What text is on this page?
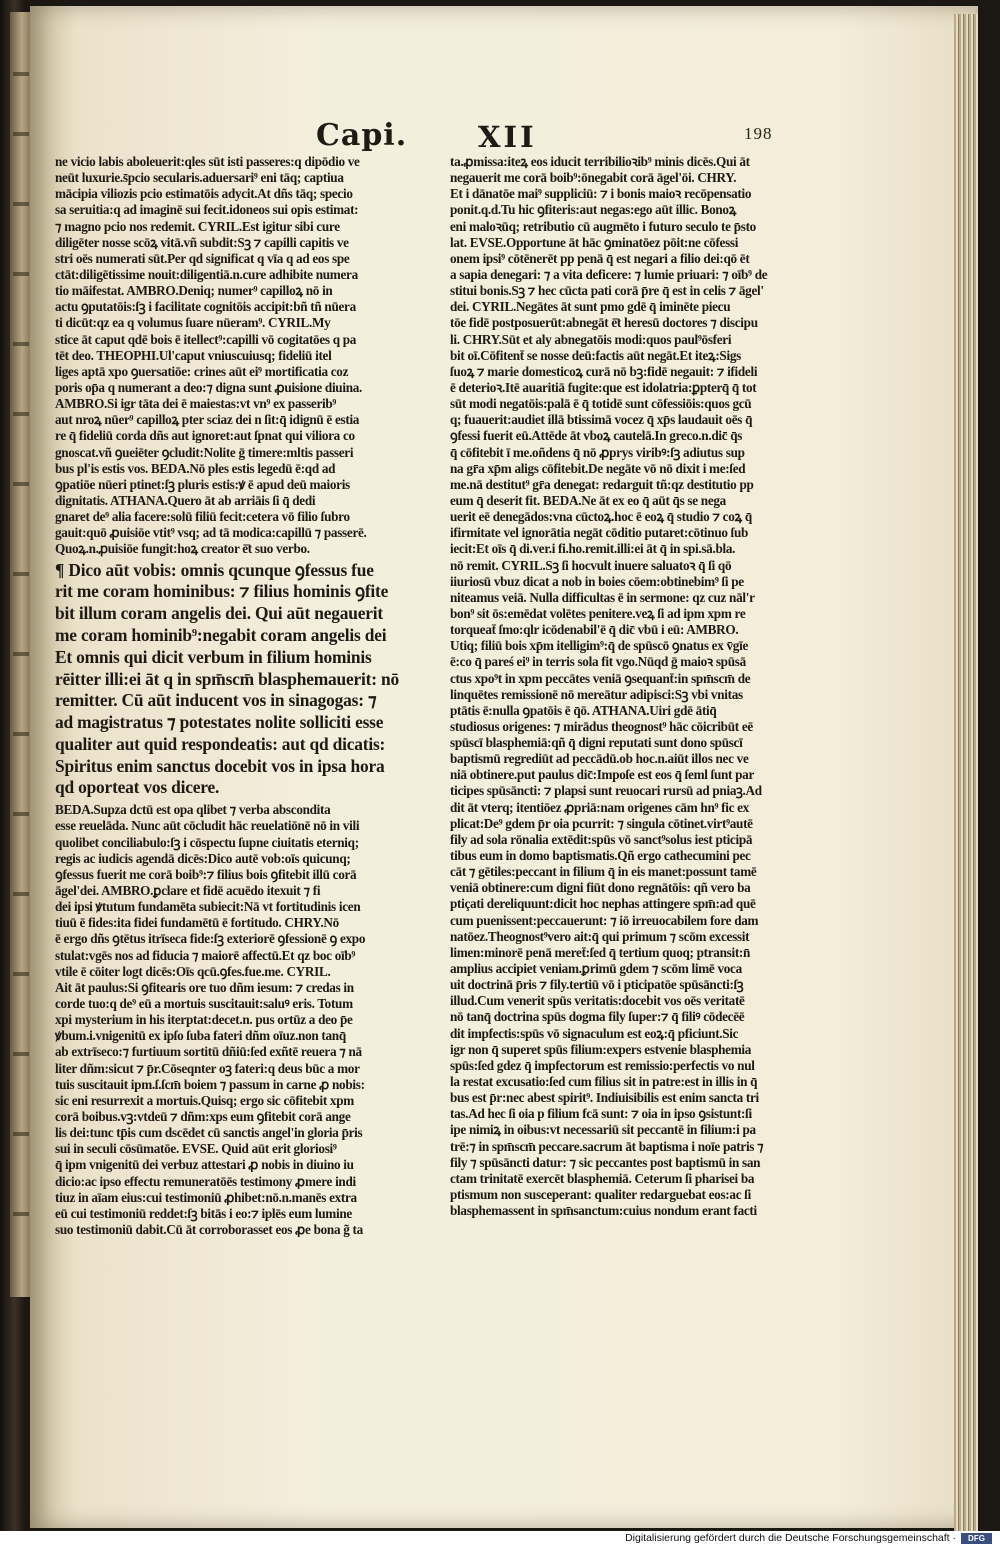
Capi. XII	198
ne vicio labis aboleuerit:qles sūt isti passeres:q dipōdio ve
neūt luxurie.s̄pcio secularis.aduersari⁹ eni tāq; captiua
mācipia viliozis pcio estimatōis adycit.At dñs tāq; specio
sa seruitia:q ad imaginē sui fecit.idoneos sui opis estimat:
⁊ magno pcio nos redemit. CYRIL.Est igitur sibi cure
diligēter nosse scōꝝ vitā.vñ subdit:Sꝫ ⁊ capilli capitis ve
stri oēs numerati sūt.Per qd significat q vīa q ad eos spe
ctāt:diligētissime nouit:diligentiā.n.cure adhibite numera
tio māifestat. AMBRO.Deniq; numer⁹ capilloꝝ nō in
actu ꝯputatōis:ſꝫ i facilitate cognitōis accipit:bñ tñ nūera
ti dicūt:qz ea q volumus ſuare nūeram⁹. CYRIL.My
stice āt caput qdē bois ē itellect⁹:capilli vō cogitatōes q pa
tēt deo. THEOPHI.Ul'caput vniuscuiusq; fideliū itel
liges aptā xpo ꝯuersatiōe: crines aūt ei⁹ mortificatia coz
poris op̄a q numerant a deo:⁊ digna sunt ꝓuisione diuina.
AMBRO.Si igr tāta dei ē maiestas:vt vn⁹ ex passerib⁹
aut nroꝝ nūer⁹ capilloꝝ pter sciaz dei n ſit:q̄ idignū ē estia
re q̄ fideliū corda dñs aut ignoret:aut ſpnat qui viliora co
gnoscat.vñ ꝯueiēter ꝯcludit:Nolite ḡ timere:mltis passeri
bus pl'is estis vos. BEDA.Nō ples estis legedū ē:qd ad
ꝯpatiōe nūeri ptinet:ſꝫ pluris estis:ꝟ ē apud deū maioris
dignitatis. ATHANA.Quero āt ab arriāis ſi q̄ dedi
gnaret de⁹ alia facere:solū filiū fecit:cetera vō filio ſubro
gauit:quō ꝓuisiōe vtit⁹ vsq; ad tā modica:capillū ⁊ passerē.
Quoꝝ.n.ꝓuisiōe fungit:hoꝝ creator ē̄t suo verbo.
¶ Dico aūt vobis: omnis qcunque ꝯfessus fue
rit me coram hominibus: ⁊ filius hominis ꝯfite
bit illum coram angelis dei. Qui aūt negauerit
me coram hominib⁹:negabit coram angelis dei
Et omnis qui dicit verbum in filium hominis
rēitter illi:ei āt q in spm̄scm̄ blasphemauerit: nō
remitter. Cū aūt inducent vos in sinagogas: ⁊
ad magistratus ⁊ potestates nolite solliciti esse
qualiter aut quid respondeatis: aut qd dicatis:
Spiritus enim sanctus docebit vos in ipsa hora
qd oporteat vos dicere.
BEDA.Supza dctū est opa qlibet ⁊ verba abscondita
esse reuelāda. Nunc aūt cōcludit hāc reuelatiōnē nō in vili
quolibet conciliabulo:ſꝫ i cōspectu ſupne ciuitatis eterniq;
regis ac iudicis agendā dicēs:Dico autē vob:oīs quicunq;
ꝯfessus fuerit me corā boib⁹:⁊ filius bois ꝯfitebit illū corā
āgel'dei. AMBRO.ꝑclare et fidē acuēdo itexuit ⁊ fi
dei ipsi ꝟtutum fundamēta subiecit:Nā vt fortitudinis icen
tiuū ē fides:ita fidei fundamētū ē fortitudo. CHRY.Nō
ē ergo dñs ꝯtētus itrīseca fide:ſꝫ exteriorē ꝯfessionē ꝯ expo
stulat:vgēs nos ad fiducia ⁊ maiorē affectū.Et qz boc oīb⁹
vtile ē cōiter logt dicēs:Oīs qcū.ꝯfes.fue.me. CYRIL.
Ait āt paulus:Si ꝯfitearis ore tuo dñm iesum: ⁊ credas in
corde tuo:q de⁹ eū a mortuis suscitauit:saluꝰ eris. Totum
xpi mysterium in his iterptat:decet.n. pus ortūz a deo p̄e
ꝟbum.i.vnigenitū ex ipſo ſuba fateri dñm oīuz.non tanq̄
ab extrīseco:⁊ furtiuum sortitū dñiū:ſed exñtē reuera ⁊ nā
liter dñm:sicut ⁊ p̄r.Cōseqnter oꝫ fateri:q deus būc a mor
tuis suscitauit ipm.ſ.ſcm̄ boiem ⁊ passum in carne ꝓ nobis:
sic eni resurrexit a mortuis.Quisq; ergo sic cōfitebit xpm
corā boibus.vꝫ:vtdeū ⁊ dñm:xps eum ꝯfitebit corā ange
lis dei:tunc tp̄is cum dscēdet cū sanctis angel'in gloria p̄ris
sui in seculi cōsūmatōe. EVSE. Quid aūt erit gloriosi⁹
q̄ ipm vnigenitū dei verbuz attestari ꝓ nobis in diuino iu
dicio:ac ipso effectu remuneratōēs testimony ꝓmere indi
tiuz in aīam eius:cui testimoniū ꝓhibet:nō.n.manēs extra
eū cui testimoniū reddet:ſꝫ bitās i eo:⁊ iplēs eum lumine
suo testimoniū dabit.Cū āt corroborasset eos ꝓe bona g̃ ta
ta.ꝓmissa:iteꝝ eos iducit terribilioꝛib⁹ minis dicēs.Qui āt
negauerit me corā boib⁹:ōnegabit corā āgel'ōi. CHRY.
Et i dānatōe mai⁹ suppliciū: ⁊ i bonis maioꝛ recōpensatio
ponit.q.d.Tu hic ꝯfiteris:aut negas:ego aūt illic. Bonoꝝ
eni maloꝛūq; retributio cū augmēto i futuro seculo te p̄sto
lat. EVSE.Opportune āt hāc ꝯminatōez pōit:ne cōfessi
onem ipsi⁹ cōtēnerēt pp penā q̄ est negari a filio dei:qō ēt
a sapia denegari: ⁊ a vita deficere: ⁊ lumie priuari: ⁊ oīb⁹ de
stitui bonis.Sꝫ ⁊ hec cūcta pati corā p̄re q̄ est in celis ⁊ āgel'
dei. CYRIL.Negātes āt sunt pmo gdē q̄ iminēte piecu
tōe fidē postposuerūt:abnegāt ē̄t heresū doctores ⁊ discipu
li. CHRY.Sūt et aly abnegatōis modi:quos paul⁹ōsferi
bit oī.Cōfitent̄ se nosse deū:factis aūt negāt.Et iteꝝ:Sigs
ſuoꝝ ⁊ marie domesticoꝝ curā nō bꝫ:fidē negauit: ⁊ ifideli
ē deterioꝛ.Itē auaritiā fugite:que est idolatria:ꝑpterq̄ q̄ tot
sūt modi negatōis:palā ē q̄ totidē sunt cōfessiōis:quos gcū
q; fuauerit:audiet illā btissimā vocez q̄ xp̄s laudauit oēs q̄
ꝯfessi fuerit eū.Attēde āt vboꝝ cautelā.In greco.n.dic̄ q̄s
q̄ cōfitebit ī me.oñdens q̄ nō ꝓprys viribꝰ:ſꝫ adiutus sup
na gr̄a xp̄m aligs cōfitebit.De negāte vō nō dixit i me:ſed
me.nā destitut⁹ gr̄a denegat: redarguit tñ:qz destitutio pp
eum q̄ deserit fit. BEDA.Ne āt ex eo q̄ aūt q̄s se nega
uerit eē denegādos:vna cūctoꝝ.hoc ē eoꝝ q̄ studio ⁊ coꝝ q̄
ifirmitate vel ignorātia negāt cōditio putaret:cōtinuo ſub
iecit:Et oīs q̄ di.ver.i fi.ho.remit.illi:ei āt q̄ in spi.sā.bla.
nō remit. CYRIL.Sꝫ ſi hocvult inuere saluatoꝛ q̄ ſi qō
iiuriosū vbuz dicat a nob in boies cōem:obtinebim⁹ ſi pe
niteamus veiā. Nulla difficultas ē in sermone: qz cuz nāl'r
bon⁹ sit ōs:emēdat volētes penitere.veꝝ ſi ad ipm xpm re
torqueat̄ ſmo:qlr icōdenabil'ē q̄ dic̄ vbū i eū: AMBRO.
Utiq; filiū bois xp̄m itelligim⁹:q̄ de spūscō ꝯnatus ex v̄gīe
ē:co q̄ pareś ei⁹ in terris sola fit vgo.Nūqd ḡ maioꝛ spūsā
ctus xpo⁹t in xpm peccātes veniā ꝯsequant̄:in spm̄scm̄ de
linquētes remissionē nō mereātur adipisci:Sꝫ vbi vnitas
ptātis ē:nulla ꝯpatōis ē q̄ō. ATHANA.Uiri gdē ātiq̄
studiosus origenes: ⁊ mirādus theognost⁹ hāc cōicribūt eē
spūscī blasphemiā:qñ q̄ digni reputati sunt dono spūscī
baptismū regrediūt ad peccādū.ob hoc.n.aiūt illos nec ve
niā obtinere.put paulus dic̄:Impoſe est eos q̄ ſeml ſunt par
ticipes spūsāncti: ⁊ plapsi sunt reuocari rursū ad pniaꝫ.Ad
dit āt vterq; itentiōez ꝓpriā:nam origenes cām hn⁹ fic ex
plicat:De⁹ gdem p̄r oia pcurrit: ⁊ singula cōtinet.virt⁹autē
fily ad sola rōnalia extēdit:spūs vō sanct⁹solus iest pticipā
tibus eum in domo baptismatis.Qñ ergo cathecumini pec
cāt ⁊ gētiles:peccant in filium q̄ in eis manet:possunt tamē
veniā obtinere:cum digni fiūt dono regnātōis: qñ vero ba
ptiçati dereliquunt:dicit hoc nephas attingere spm̄:ad quē
cum puenissent:peccauerunt: ⁊ iō irreuocabilem fore dam
natōez.Theognost⁹vero ait:q̄ qui primum ⁊ scōm excessit
limen:minorē penā meret̄:ſed q̄ tertium quoq; ptransit:n̄
amplius accipiet veniam.ꝑrimū gdem ⁊ scōm limē voca
uit doctrinā p̄ris ⁊ fily.tertiū vō i pticipatōe spūsāncti:ſꝫ
illud.Cum venerit spūs veritatis:docebit vos oēs veritatē
nō tanq̄ doctrina spūs dogma fily ſuper:⁊ q̄ filiꝰ cōdecēē
dit impfectis:spūs vō signaculum est eoꝝ:q̄ pficiunt.Sic
igr non q̄ superet spūs filium:expers estvenie blasphemia
spūs:ſed gdez q̄ impfectorum est remissio:perfectis vo nul
la restat excusatio:ſed cum filius sit in patre:est in illis in q̄
bus est p̄r:nec abest spirit⁹. Indiuisibilis est enim sancta tri
tas.Ad hec ſi oia p filium fcā sunt: ⁊ oia in ipso ꝯsistunt:ſi
ipe nimiꝝ in oibus:vt necessariū sit peccantē in filium:i pa
trē:⁊ in spm̄scm̄ peccare.sacrum āt baptisma i noīe patris ⁊
fily ⁊ spūsāncti datur: ⁊ sic peccantes post baptismū in san
ctam trinitatē exercēt blasphemiā. Ceterum ſi pharisei ba
ptismum non susceperant: qualiter redarguebat eos:ac ſi
blasphemassent in spm̄sanctum:cuius nondum erant facti
Digitalisierung gefördert durch die Deutsche Forschungsgemeinschaft ·	DFG
